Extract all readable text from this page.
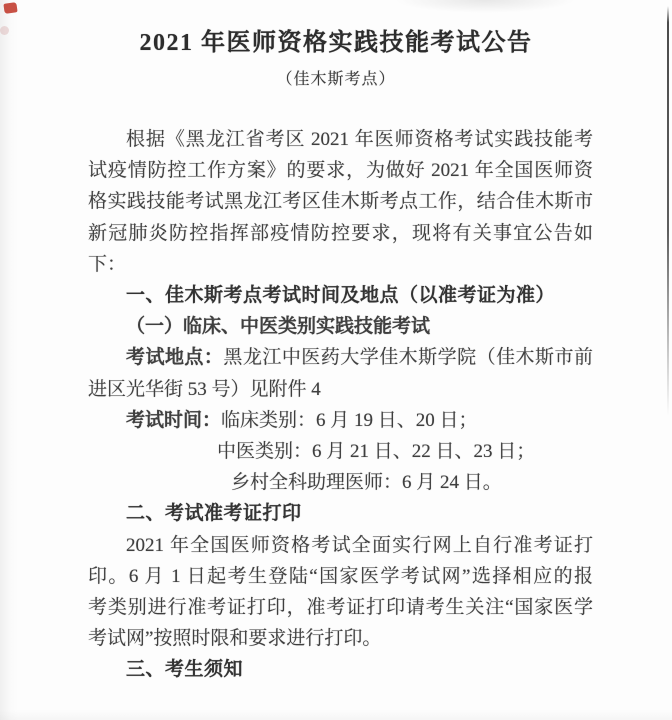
2021 年医师资格实践技能考试公告
（佳木斯考点）
根据《黑龙江省考区 2021 年医师资格考试实践技能考
试疫情防控工作方案》的要求，为做好 2021 年全国医师资
格实践技能考试黑龙江考区佳木斯考点工作，结合佳木斯市
新冠肺炎防控指挥部疫情防控要求，现将有关事宜公告如
下：
一、佳木斯考点考试时间及地点（以准考证为准）
（一）临床、中医类别实践技能考试
考试地点：黑龙江中医药大学佳木斯学院（佳木斯市前
进区光华街 53 号）见附件 4
考试时间：临床类别：6 月 19 日、20 日；
中医类别：6 月 21 日、22 日、23 日；
乡村全科助理医师：6 月 24 日。
二、考试准考证打印
2021 年全国医师资格考试全面实行网上自行准考证打
印。6 月 1 日起考生登陆“国家医学考试网”选择相应的报
考类别进行准考证打印，准考证打印请考生关注“国家医学
考试网”按照时限和要求进行打印。
三、考生须知
